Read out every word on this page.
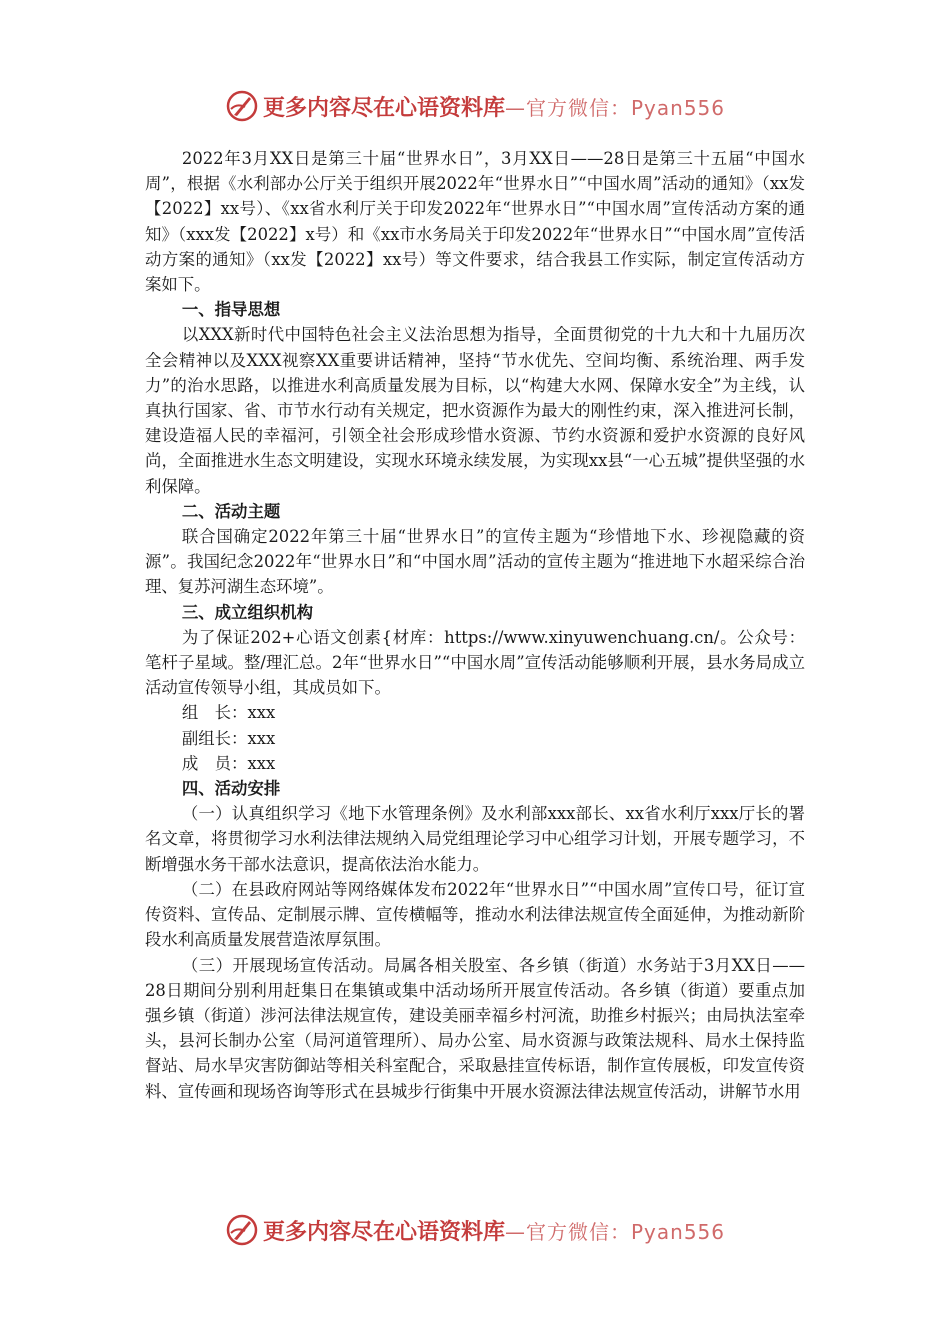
更多内容尽在心语资料库 —官方微信：Pyan556

2022年3月XX日是第三十届“世界水日”，3月XX日——28日是第三十五届“中国水周”，根据《水利部办公厅关于组织开展2022年“世界水日”“中国水周”活动的通知》（xx发【2022】xx号）、《xx省水利厅关于印发2022年“世界水日”“中国水周”宣传活动方案的通知》（xxx发【2022】x号）和《xx市水务局关于印发2022年“世界水日”“中国水周”宣传活动方案的通知》（xx发【2022】xx号）等文件要求，结合我县工作实际，制定宣传活动方案如下。

一、指导思想

以XXX新时代中国特色社会主义法治思想为指导，全面贯彻党的十九大和十九届历次全会精神以及XXX视察XX重要讲话精神，坚持“节水优先、空间均衡、系统治理、两手发力”的治水思路，以推进水利高质量发展为目标，以“构建大水网、保障水安全”为主线，认真执行国家、省、市节水行动有关规定，把水资源作为最大的刚性约束，深入推进河长制，建设造福人民的幸福河，引领全社会形成珍惜水资源、节约水资源和爱护水资源的良好风尚，全面推进水生态文明建设，实现水环境永续发展，为实现xx县“一心五城”提供坚强的水利保障。

二、活动主题

联合国确定2022年第三十届“世界水日”的宣传主题为“珍惜地下水、珍视隐藏的资源”。我国纪念2022年“世界水日”和“中国水周”活动的宣传主题为“推进地下水超采综合治理、复苏河湖生态环境”。

三、成立组织机构

为了保证202+心语文创素{材库：https://www.xinyuwenchuang.cn/。公众号：笔杆子星域。整/理汇总。2年“世界水日”“中国水周”宣传活动能够顺利开展，县水务局成立活动宣传领导小组，其成员如下。

组　长：xxx

副组长：xxx

成　员：xxx

四、活动安排

（一）认真组织学习《地下水管理条例》及水利部xxx部长、xx省水利厅xxx厅长的署名文章，将贯彻学习水利法律法规纳入局党组理论学习中心组学习计划，开展专题学习，不断增强水务干部水法意识，提高依法治水能力。

（二）在县政府网站等网络媒体发布2022年“世界水日”“中国水周”宣传口号，征订宣传资料、宣传品、定制展示牌、宣传横幅等，推动水利法律法规宣传全面延伸，为推动新阶段水利高质量发展营造浓厚氛围。

（三）开展现场宣传活动。局属各相关股室、各乡镇（街道）水务站于3月XX日——28日期间分别利用赶集日在集镇或集中活动场所开展宣传活动。各乡镇（街道）要重点加强乡镇（街道）涉河法律法规宣传，建设美丽幸福乡村河流，助推乡村振兴；由局执法室牵头，县河长制办公室（局河道管理所）、局办公室、局水资源与政策法规科、局水土保持监督站、局水旱灾害防御站等相关科室配合，采取悬挂宣传标语，制作宣传展板，印发宣传资料、宣传画和现场咨询等形式在县城步行街集中开展水资源法律法规宣传活动，讲解节水用

更多内容尽在心语资料库 —官方微信：Pyan556
